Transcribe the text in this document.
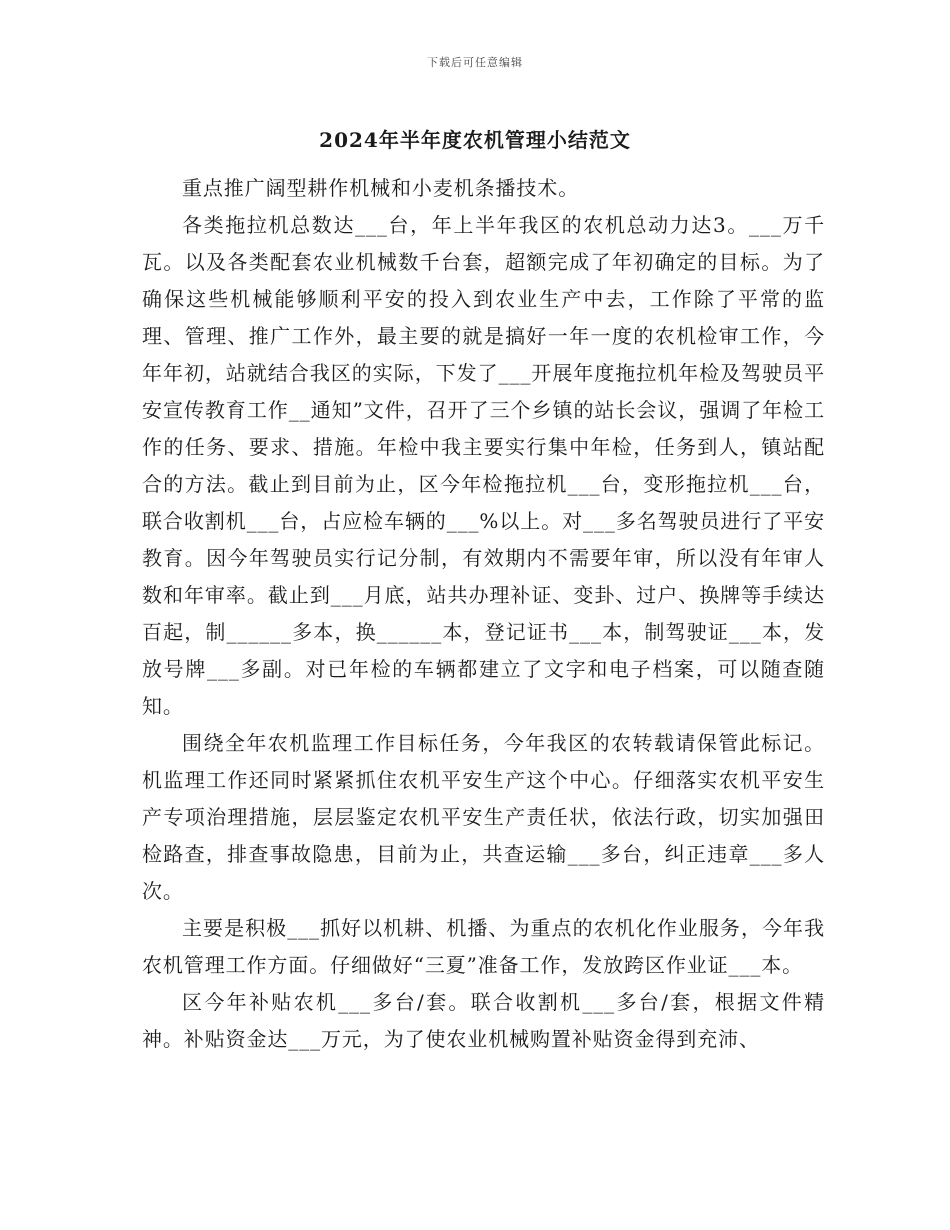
下载后可任意编辑
2024年半年度农机管理小结范文

重点推广阔型耕作机械和小麦机条播技术。

各类拖拉机总数达___台，年上半年我区的农机总动力达3。___万千瓦。以及各类配套农业机械数千台套，超额完成了年初确定的目标。为了确保这些机械能够顺利平安的投入到农业生产中去，工作除了平常的监理、管理、推广工作外，最主要的就是搞好一年一度的农机检审工作，今年年初，站就结合我区的实际，下发了___开展年度拖拉机年检及驾驶员平安宣传教育工作__通知”文件，召开了三个乡镇的站长会议，强调了年检工作的任务、要求、措施。年检中我主要实行集中年检，任务到人，镇站配合的方法。截止到目前为止，区今年检拖拉机___台，变形拖拉机___台，联合收割机___台，占应检车辆的___%以上。对___多名驾驶员进行了平安教育。因今年驾驶员实行记分制，有效期内不需要年审，所以没有年审人数和年审率。截止到___月底，站共办理补证、变卦、过户、换牌等手续达百起，制______多本，换______本，登记证书___本，制驾驶证___本，发放号牌___多副。对已年检的车辆都建立了文字和电子档案，可以随查随知。

围绕全年农机监理工作目标任务，今年我区的农转载请保管此标记。机监理工作还同时紧紧抓住农机平安生产这个中心。仔细落实农机平安生产专项治理措施，层层鉴定农机平安生产责任状，依法行政，切实加强田检路查，排查事故隐患，目前为止，共查运输___多台，纠正违章___多人次。

主要是积极___抓好以机耕、机播、为重点的农机化作业服务，今年我农机管理工作方面。仔细做好“三夏”准备工作，发放跨区作业证___本。

区今年补贴农机___多台/套。联合收割机___多台/套，根据文件精神。补贴资金达___万元，为了使农业机械购置补贴资金得到充沛、
